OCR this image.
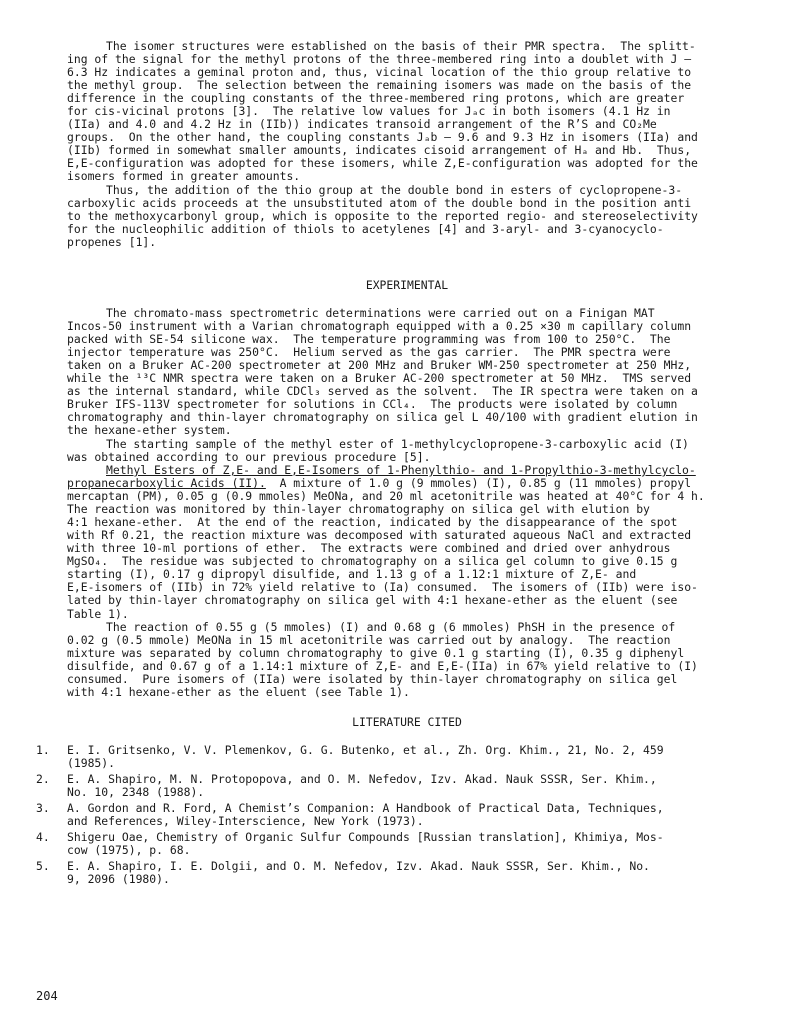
The isomer structures were established on the basis of their PMR spectra.  The splitt-
ing of the signal for the methyl protons of the three-membered ring into a doublet with J –
6.3 Hz indicates a geminal proton and, thus, vicinal location of the thio group relative to
the methyl group.  The selection between the remaining isomers was made on the basis of the
difference in the coupling constants of the three-membered ring protons, which are greater
for cis-vicinal protons [3].  The relative low values for Jₐc in both isomers (4.1 Hz in
(IIa) and 4.0 and 4.2 Hz in (IIb)) indicates transoid arrangement of the R’S and CO₂Me
groups.  On the other hand, the coupling constants Jₐb – 9.6 and 9.3 Hz in isomers (IIa) and
(IIb) formed in somewhat smaller amounts, indicates cisoid arrangement of Hₐ and Hb.  Thus,
E,E-configuration was adopted for these isomers, while Z,E-configuration was adopted for the
isomers formed in greater amounts.
Thus, the addition of the thio group at the double bond in esters of cyclopropene-3-
carboxylic acids proceeds at the unsubstituted atom of the double bond in the position anti
to the methoxycarbonyl group, which is opposite to the reported regio- and stereoselectivity
for the nucleophilic addition of thiols to acetylenes [4] and 3-aryl- and 3-cyanocyclo-
propenes [1].
EXPERIMENTAL
The chromato-mass spectrometric determinations were carried out on a Finigan MAT
Incos-50 instrument with a Varian chromatograph equipped with a 0.25 ×30 m capillary column
packed with SE-54 silicone wax.  The temperature programming was from 100 to 250°C.  The
injector temperature was 250°C.  Helium served as the gas carrier.  The PMR spectra were
taken on a Bruker AC-200 spectrometer at 200 MHz and Bruker WM-250 spectrometer at 250 MHz,
while the ¹³C NMR spectra were taken on a Bruker AC-200 spectrometer at 50 MHz.  TMS served
as the internal standard, while CDCl₃ served as the solvent.  The IR spectra were taken on a
Bruker IFS-113V spectrometer for solutions in CCl₄.  The products were isolated by column
chromatography and thin-layer chromatography on silica gel L 40/100 with gradient elution in
the hexane-ether system.
The starting sample of the methyl ester of 1-methylcyclopropene-3-carboxylic acid (I)
was obtained according to our previous procedure [5].
Methyl Esters of Z,E- and E,E-Isomers of 1-Phenylthio- and 1-Propylthio-3-methylcyclo-
propanecarboxylic Acids (II).  A mixture of 1.0 g (9 mmoles) (I), 0.85 g (11 mmoles) propyl
mercaptan (PM), 0.05 g (0.9 mmoles) MeONa, and 20 ml acetonitrile was heated at 40°C for 4 h.
The reaction was monitored by thin-layer chromatography on silica gel with elution by
4:1 hexane-ether.  At the end of the reaction, indicated by the disappearance of the spot
with Rf 0.21, the reaction mixture was decomposed with saturated aqueous NaCl and extracted
with three 10-ml portions of ether.  The extracts were combined and dried over anhydrous
MgSO₄.  The residue was subjected to chromatography on a silica gel column to give 0.15 g
starting (I), 0.17 g dipropyl disulfide, and 1.13 g of a 1.12:1 mixture of Z,E- and
E,E-isomers of (IIb) in 72% yield relative to (Ia) consumed.  The isomers of (IIb) were iso-
lated by thin-layer chromatography on silica gel with 4:1 hexane-ether as the eluent (see
Table 1).
The reaction of 0.55 g (5 mmoles) (I) and 0.68 g (6 mmoles) PhSH in the presence of
0.02 g (0.5 mmole) MeONa in 15 ml acetonitrile was carried out by analogy.  The reaction
mixture was separated by column chromatography to give 0.1 g starting (I), 0.35 g diphenyl
disulfide, and 0.67 g of a 1.14:1 mixture of Z,E- and E,E-(IIa) in 67% yield relative to (I)
consumed.  Pure isomers of (IIa) were isolated by thin-layer chromatography on silica gel
with 4:1 hexane-ether as the eluent (see Table 1).
LITERATURE CITED
1.	E. I. Gritsenko, V. V. Plemenkov, G. G. Butenko, et al., Zh. Org. Khim., 21, No. 2, 459
(1985).
2.	E. A. Shapiro, M. N. Protopopova, and O. M. Nefedov, Izv. Akad. Nauk SSSR, Ser. Khim.,
No. 10, 2348 (1988).
3.	A. Gordon and R. Ford, A Chemist’s Companion: A Handbook of Practical Data, Techniques,
and References, Wiley-Interscience, New York (1973).
4.	Shigeru Oae, Chemistry of Organic Sulfur Compounds [Russian translation], Khimiya, Mos-
cow (1975), p. 68.
5.	E. A. Shapiro, I. E. Dolgii, and O. M. Nefedov, Izv. Akad. Nauk SSSR, Ser. Khim., No.
9, 2096 (1980).
204
